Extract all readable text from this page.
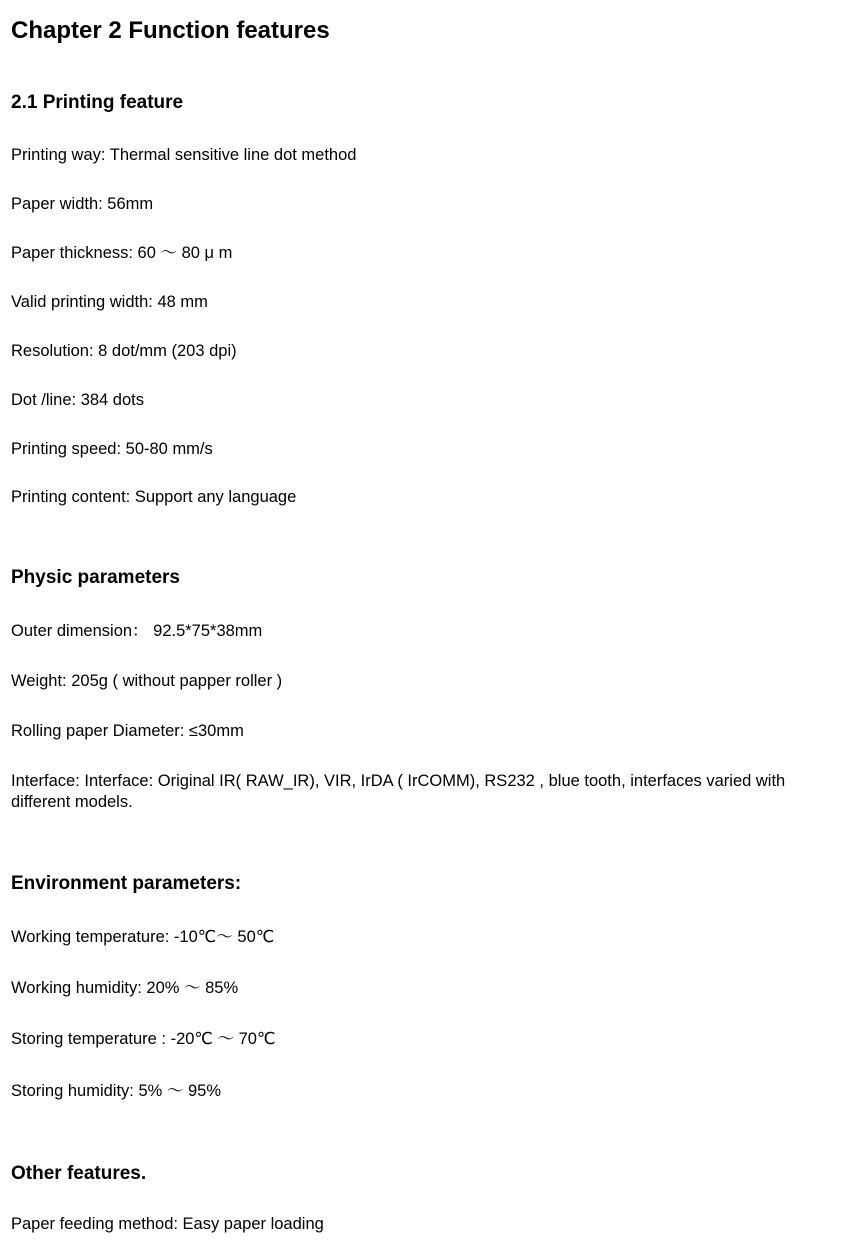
Chapter 2 Function features
2.1 Printing feature

Printing way: Thermal sensitive line dot method

Paper width: 56mm

Paper thickness: 60 ～ 80 μ m

Valid printing width: 48 mm

Resolution: 8 dot/mm (203 dpi)

Dot /line: 384 dots

Printing speed: 50-80 mm/s

Printing content: Support any language

Physic parameters

Outer dimension： 92.5*75*38mm

Weight: 205g ( without papper roller )

Rolling paper Diameter: ≤30mm

Interface: Interface: Original IR( RAW_IR), VIR, IrDA ( IrCOMM), RS232 , blue tooth, interfaces varied with different models.

Environment parameters:

Working temperature: -10℃～ 50℃

Working humidity: 20% ～ 85%

Storing temperature : -20℃ ～ 70℃

Storing humidity: 5% ～ 95%

Other features.

Paper feeding method: Easy paper loading
